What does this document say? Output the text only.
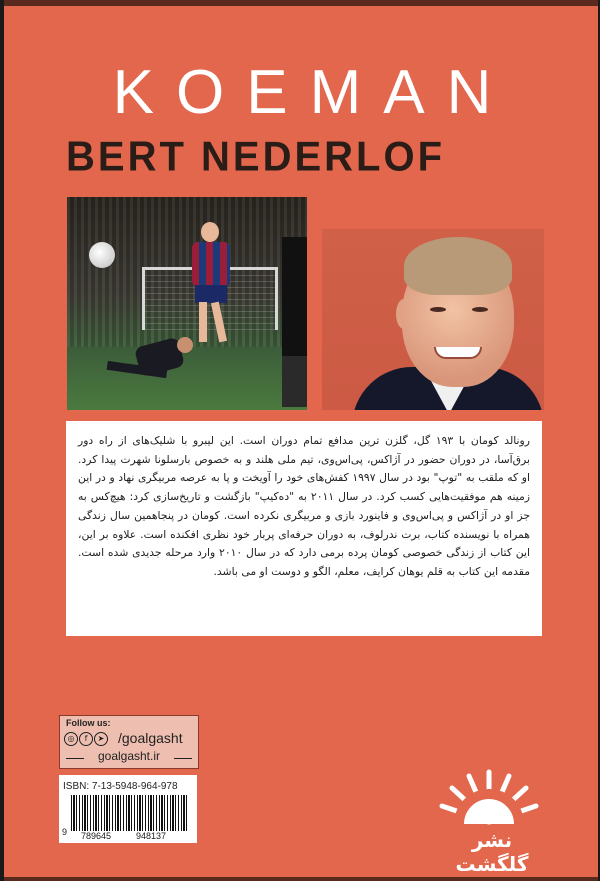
KOEMAN
BERT NEDERLOF
رونالد کومان با ۱۹۳ گل، گلزن ترین مدافع تمام دوران است. این لیبرو با شلیک‌های از راه دور برق‌آسا، در دوران حضور در آژاکس، پی‌اس‌وی، تیم ملی هلند و به خصوص بارسلونا شهرت پیدا کرد. او که ملقب به "توپ" بود در سال ۱۹۹۷ کفش‌های خود را آویخت و پا به عرصه مربیگری نهاد و در این زمینه هم موفقیت‌هایی کسب کرد. در سال ۲۰۱۱ به "ده‌کیپ" بازگشت و تاریخ‌سازی کرد: هیچ‌کس به جز او در آژاکس و پی‌اس‌وی و فاینورد بازی و مربیگری نکرده است. کومان در پنجاهمین سال زندگی همراه با نویسنده کتاب، برت ندرلوف، به دوران حرفه‌ای پربار خود نظری افکنده است. علاوه بر این، این کتاب از زندگی خصوصی کومان پرده برمی دارد که در سال ۲۰۱۰ وارد مرحله جدیدی شده است. مقدمه این کتاب به قلم یوهان کرایف، معلم، الگو و دوست او می باشد.
Follow us:
◎	f	➤ /goalgasht
goalgasht.ir
ISBN: 7-13-5948-964-978
9 789645	948137	نشر گلگشت
